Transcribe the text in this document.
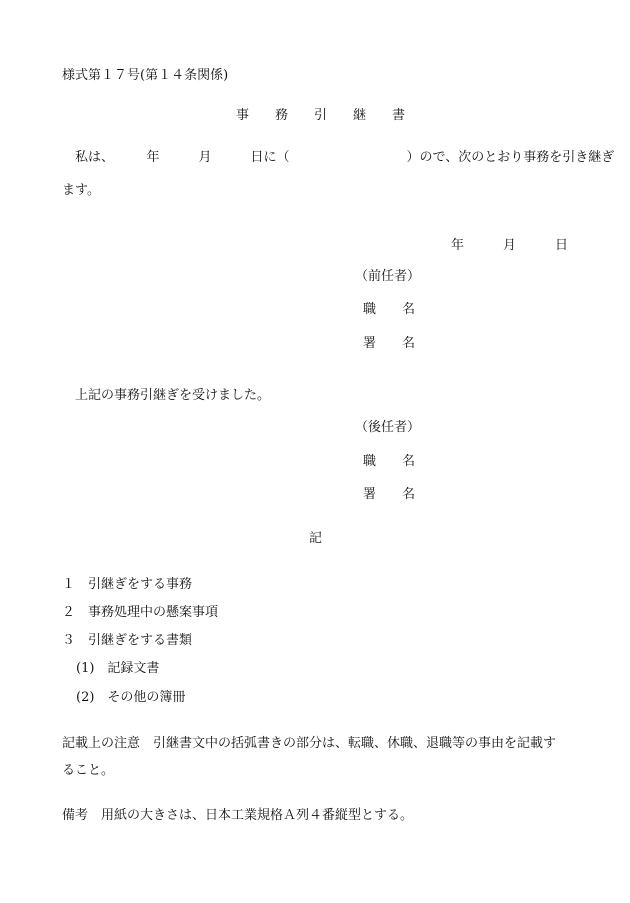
様式第１７号(第１４条関係)
事　　務　　引　　継　　書
　私は、　　　年　　　月　　　日に（　　　　　　　　　）ので、次のとおり事務を引き継ぎ
ます。
年　　　月　　　日
（前任者）
職　　名
署　　名
　上記の事務引継ぎを受けました。
（後任者）
職　　名
署　　名
記
１　引継ぎをする事務
２　事務処理中の懸案事項
３　引継ぎをする書類
(1)　記録文書
(2)　その他の簿冊
記載上の注意　引継書文中の括弧書きの部分は、転職、休職、退職等の事由を記載す
ること。
備考　用紙の大きさは、日本工業規格Ａ列４番縦型とする。
